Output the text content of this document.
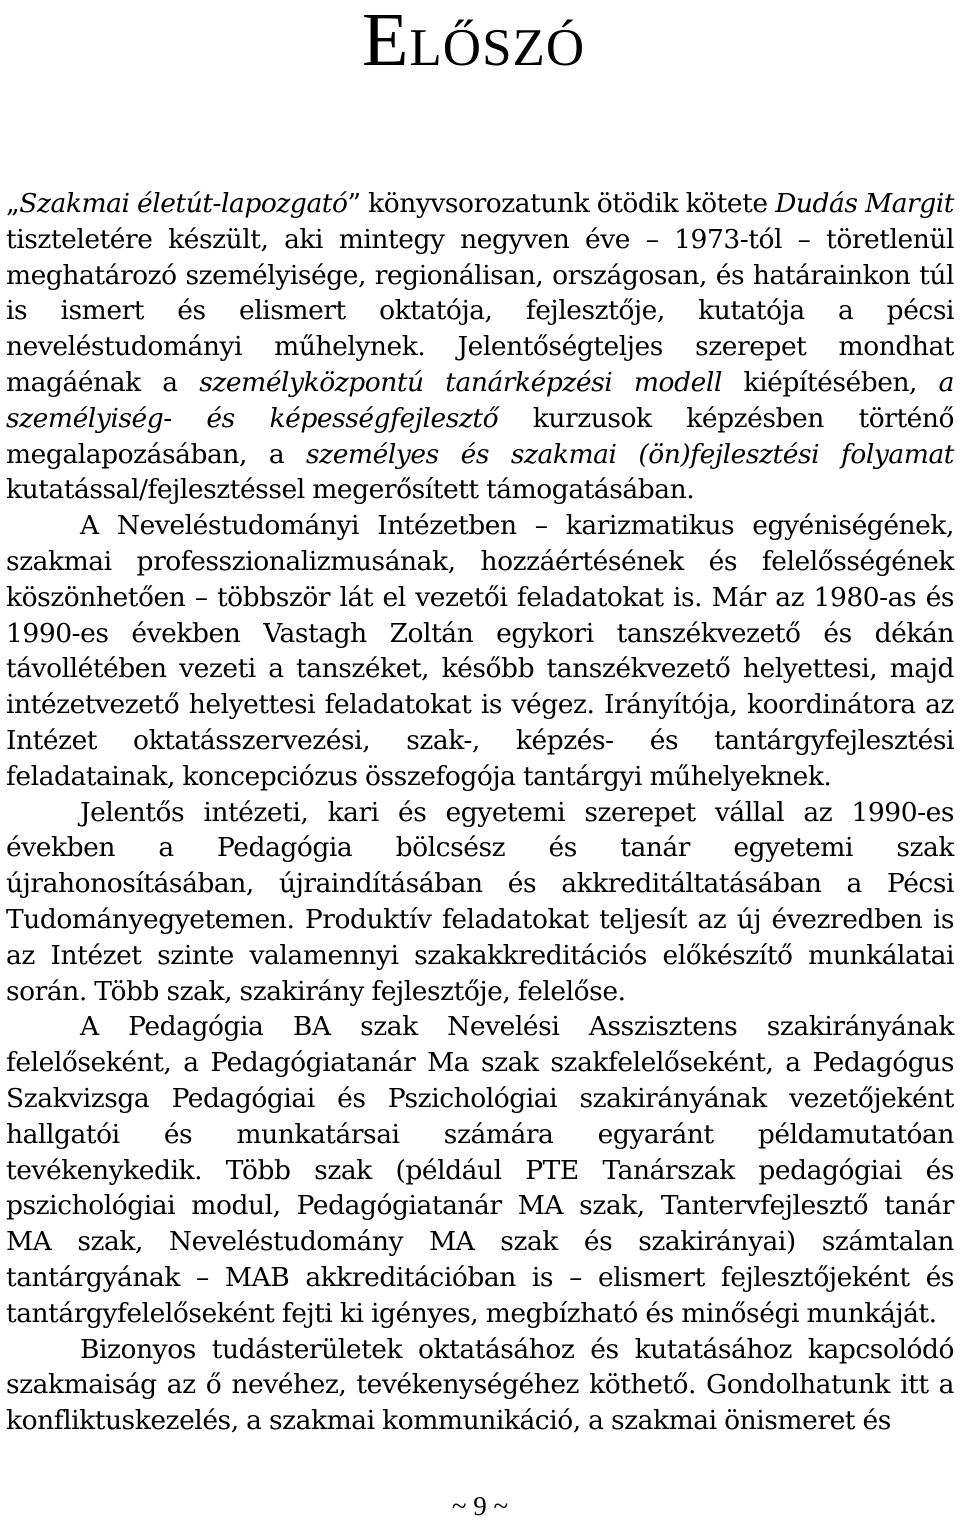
Előszó

„Szakmai életút-lapozgató” könyvsorozatunk ötödik kötete Dudás Margit tiszteletére készült, aki mintegy negyven éve – 1973-tól – töretlenül meghatározó személyisége, regionálisan, országosan, és határainkon túl is ismert és elismert oktatója, fejlesztője, kutatója a pécsi neveléstudományi műhelynek. Jelentőségteljes szerepet mondhat magáénak a személyközpontú tanárképzési modell kiépítésében, a személyiség- és képességfejlesztő kurzusok képzésben történő megalapozásában, a személyes és szakmai (ön)fejlesztési folyamat kutatással/fejlesztéssel megerősített támogatásában.

A Neveléstudományi Intézetben – karizmatikus egyéniségének, szakmai professzionalizmusának, hozzáértésének és felelősségének köszönhetően – többször lát el vezetői feladatokat is. Már az 1980-as és 1990-es években Vastagh Zoltán egykori tanszékvezető és dékán távollétében vezeti a tanszéket, később tanszékvezető helyettesi, majd intézetvezető helyettesi feladatokat is végez. Irányítója, koordinátora az Intézet oktatásszervezési, szak-, képzés- és tantárgyfejlesztési feladatainak, koncepciózus összefogója tantárgyi műhelyeknek.

Jelentős intézeti, kari és egyetemi szerepet vállal az 1990-es években a Pedagógia bölcsész és tanár egyetemi szak újrahonosításában, újraindításában és akkreditáltatásában a Pécsi Tudományegyetemen. Produktív feladatokat teljesít az új évezredben is az Intézet szinte valamennyi szakakkreditációs előkészítő munkálatai során. Több szak, szakirány fejlesztője, felelőse.

A Pedagógia BA szak Nevelési Asszisztens szakirányának felelőseként, a Pedagógiatanár Ma szak szakfelelőseként, a Pedagógus Szakvizsga Pedagógiai és Pszichológiai szakirányának vezetőjeként hallgatói és munkatársai számára egyaránt példamutatóan tevékenykedik. Több szak (például PTE Tanárszak pedagógiai és pszichológiai modul, Pedagógiatanár MA szak, Tantervfejlesztő tanár MA szak, Neveléstudomány MA szak és szakirányai) számtalan tantárgyának – MAB akkreditációban is – elismert fejlesztőjeként és tantárgyfelelőseként fejti ki igényes, megbízható és minőségi munkáját.

Bizonyos tudásterületek oktatásához és kutatásához kapcsolódó szakmaiság az ő nevéhez, tevékenységéhez köthető. Gondolhatunk itt a konfliktuskezelés, a szakmai kommunikáció, a szakmai önismeret és

~ 9 ~
